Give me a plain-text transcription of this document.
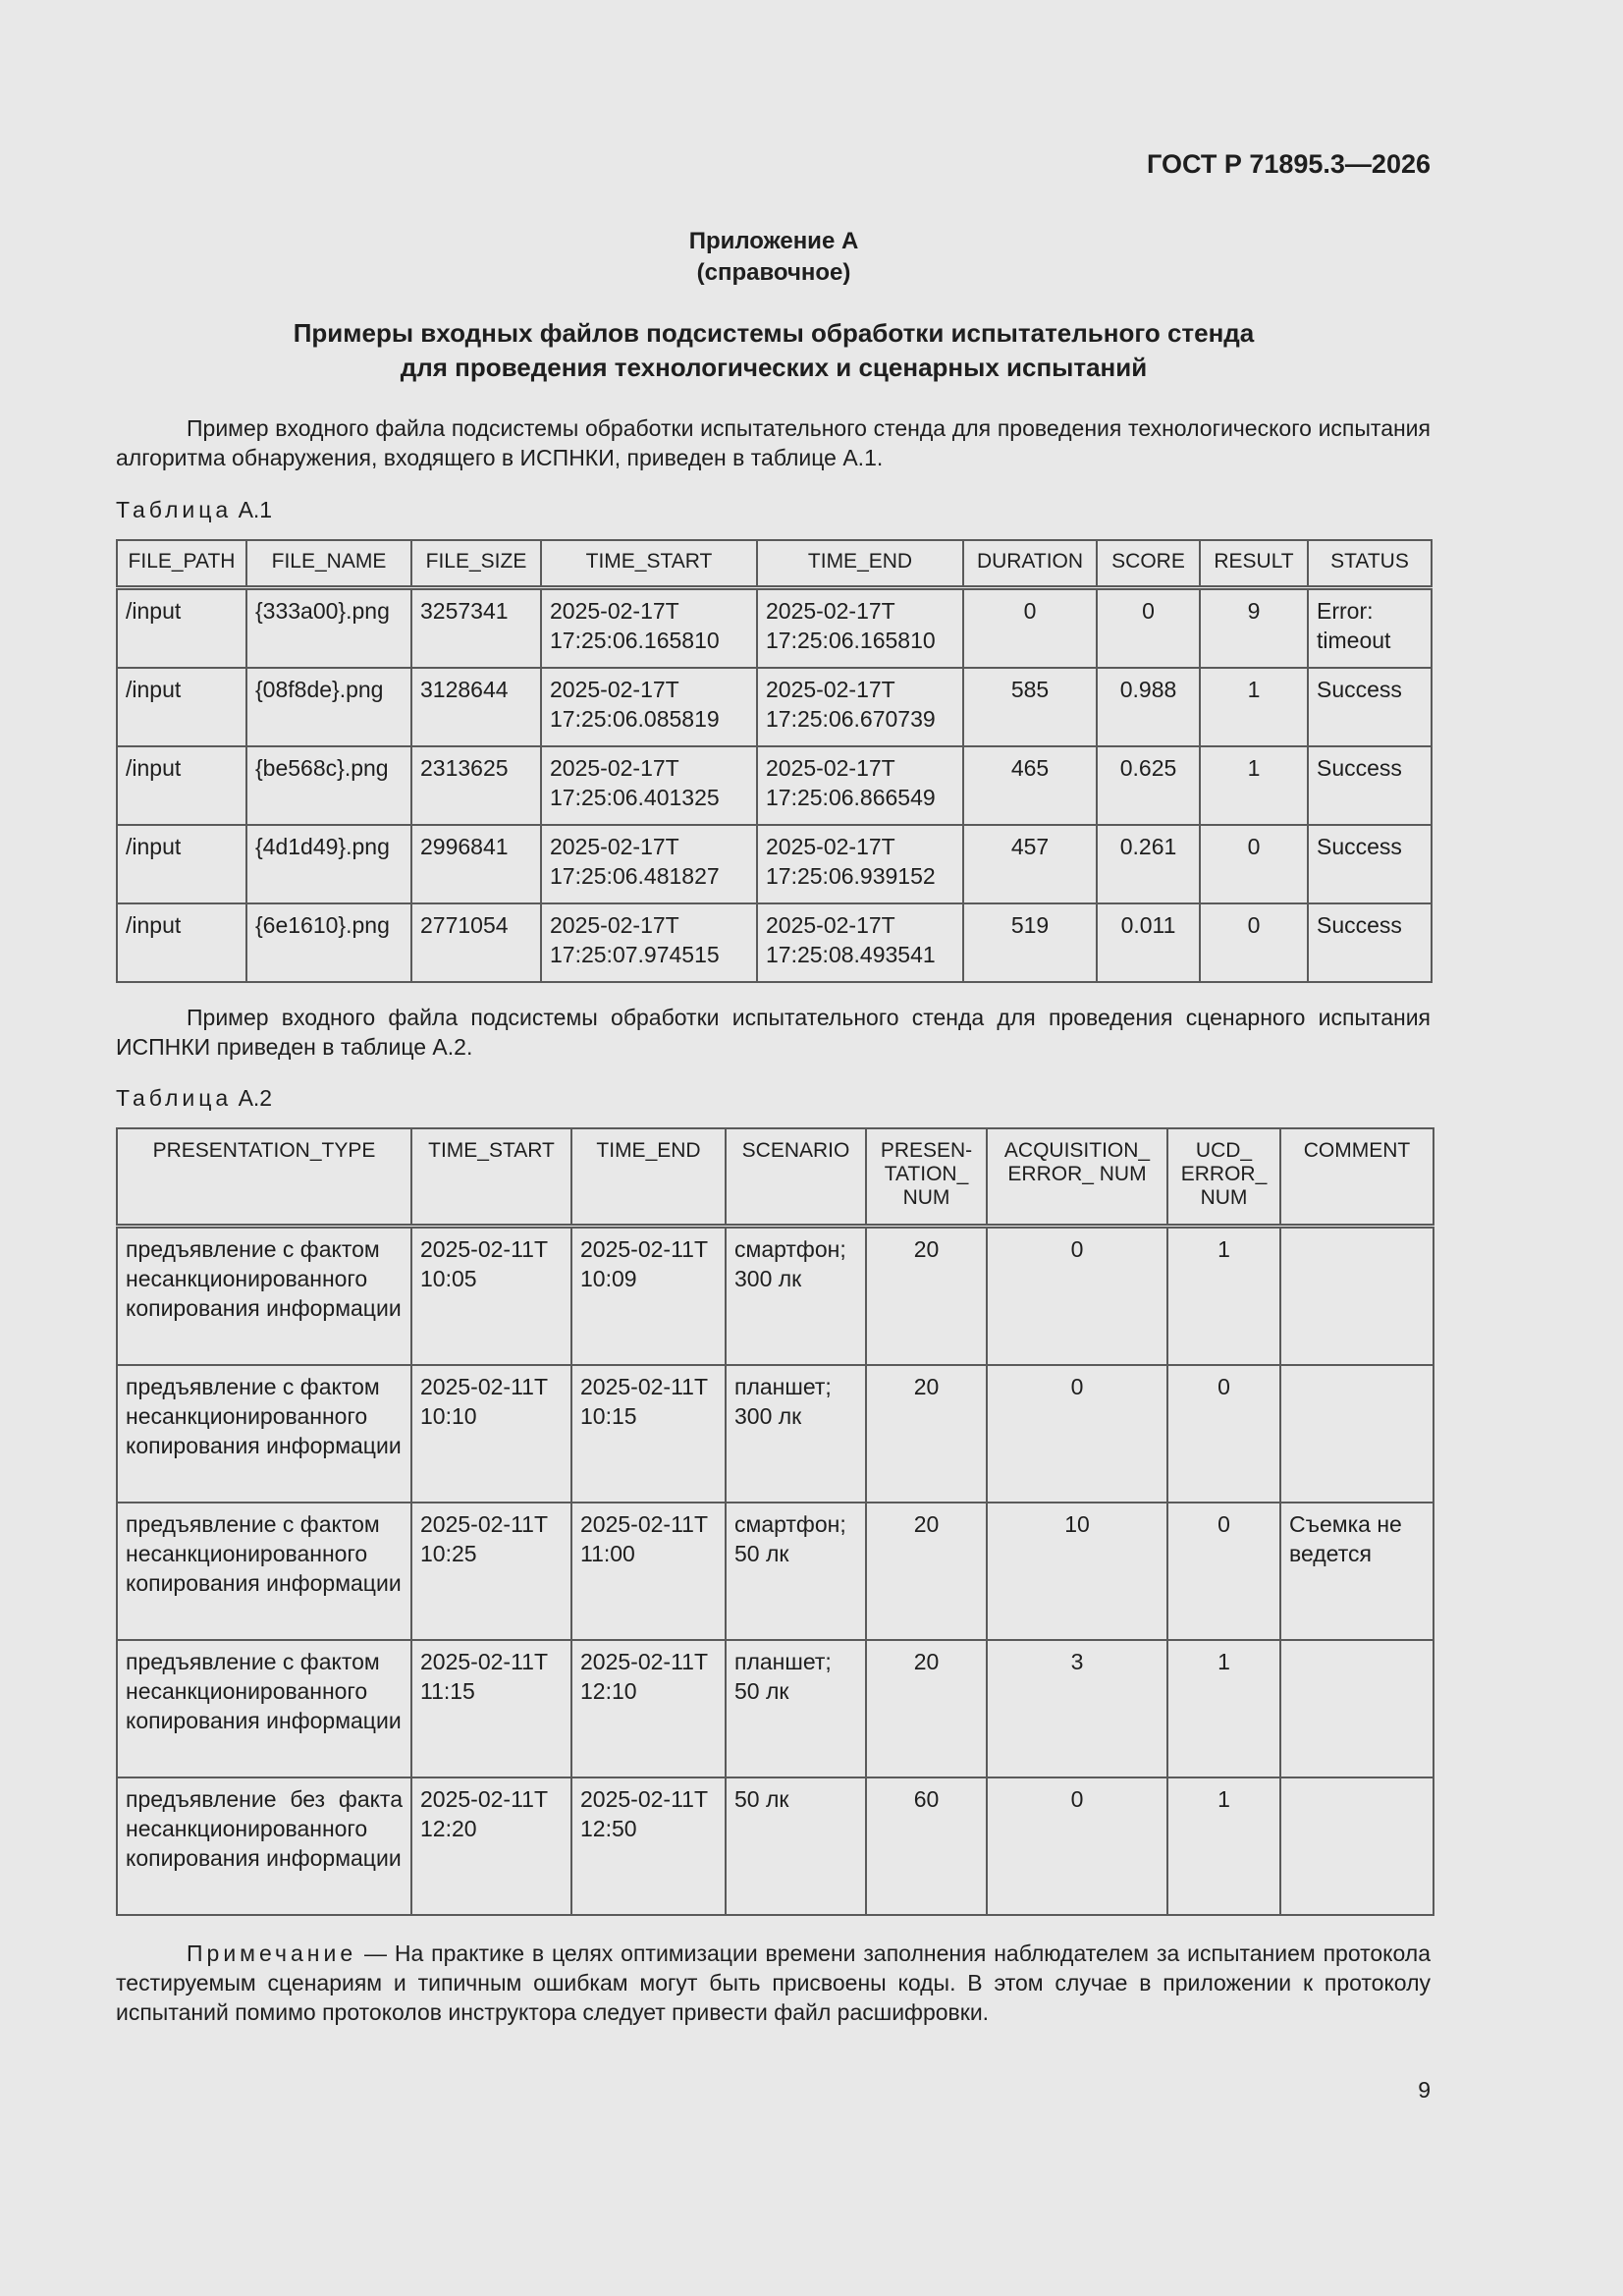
ГОСТ Р 71895.3—2026
Приложение А
(справочное)
Примеры входных файлов подсистемы обработки испытательного стенда
для проведения технологических и сценарных испытаний
Пример входного файла подсистемы обработки испытательного стенда для проведения технологического испытания алгоритма обнаружения, входящего в ИСПНКИ, приведен в таблице А.1.
Таблица А.1
FILE_PATH	FILE_NAME	FILE_SIZE	TIME_START	TIME_END	DURATION	SCORE	RESULT	STATUS
/input	{333a00}.png	3257341	2025-02-17T 17:25:06.165810	2025-02-17T 17:25:06.165810	0	0	9	Error: timeout
/input	{08f8de}.png	3128644	2025-02-17T 17:25:06.085819	2025-02-17T 17:25:06.670739	585	0.988	1	Success
/input	{be568c}.png	2313625	2025-02-17T 17:25:06.401325	2025-02-17T 17:25:06.866549	465	0.625	1	Success
/input	{4d1d49}.png	2996841	2025-02-17T 17:25:06.481827	2025-02-17T 17:25:06.939152	457	0.261	0	Success
/input	{6e1610}.png	2771054	2025-02-17T 17:25:07.974515	2025-02-17T 17:25:08.493541	519	0.011	0	Success
Пример входного файла подсистемы обработки испытательного стенда для проведения сценарного испытания ИСПНКИ приведен в таблице А.2.
Таблица А.2
PRESENTATION_TYPE	TIME_START	TIME_END	SCENARIO	PRESEN- TATION_ NUM	ACQUISITION_ ERROR_ NUM	UCD_ ERROR_ NUM	COMMENT
предъявление с фактом несанкционированного копирования информации	2025-02-11T 10:05	2025-02-11T 10:09	смартфон; 300 лк	20	0	1	
предъявление с фактом несанкционированного копирования информации	2025-02-11T 10:10	2025-02-11T 10:15	планшет; 300 лк	20	0	0	
предъявление с фактом несанкционированного копирования информации	2025-02-11T 10:25	2025-02-11T 11:00	смартфон; 50 лк	20	10	0	Съемка не ведется
предъявление с фактом несанкционированного копирования информации	2025-02-11T 11:15	2025-02-11T 12:10	планшет; 50 лк	20	3	1	
предъявление без факта несанкционированного копирования информации	2025-02-11T 12:20	2025-02-11T 12:50	50 лк	60	0	1	
Примечание — На практике в целях оптимизации времени заполнения наблюдателем за испытанием протокола тестируемым сценариям и типичным ошибкам могут быть присвоены коды. В этом случае в приложении к протоколу испытаний помимо протоколов инструктора следует привести файл расшифровки.
9
